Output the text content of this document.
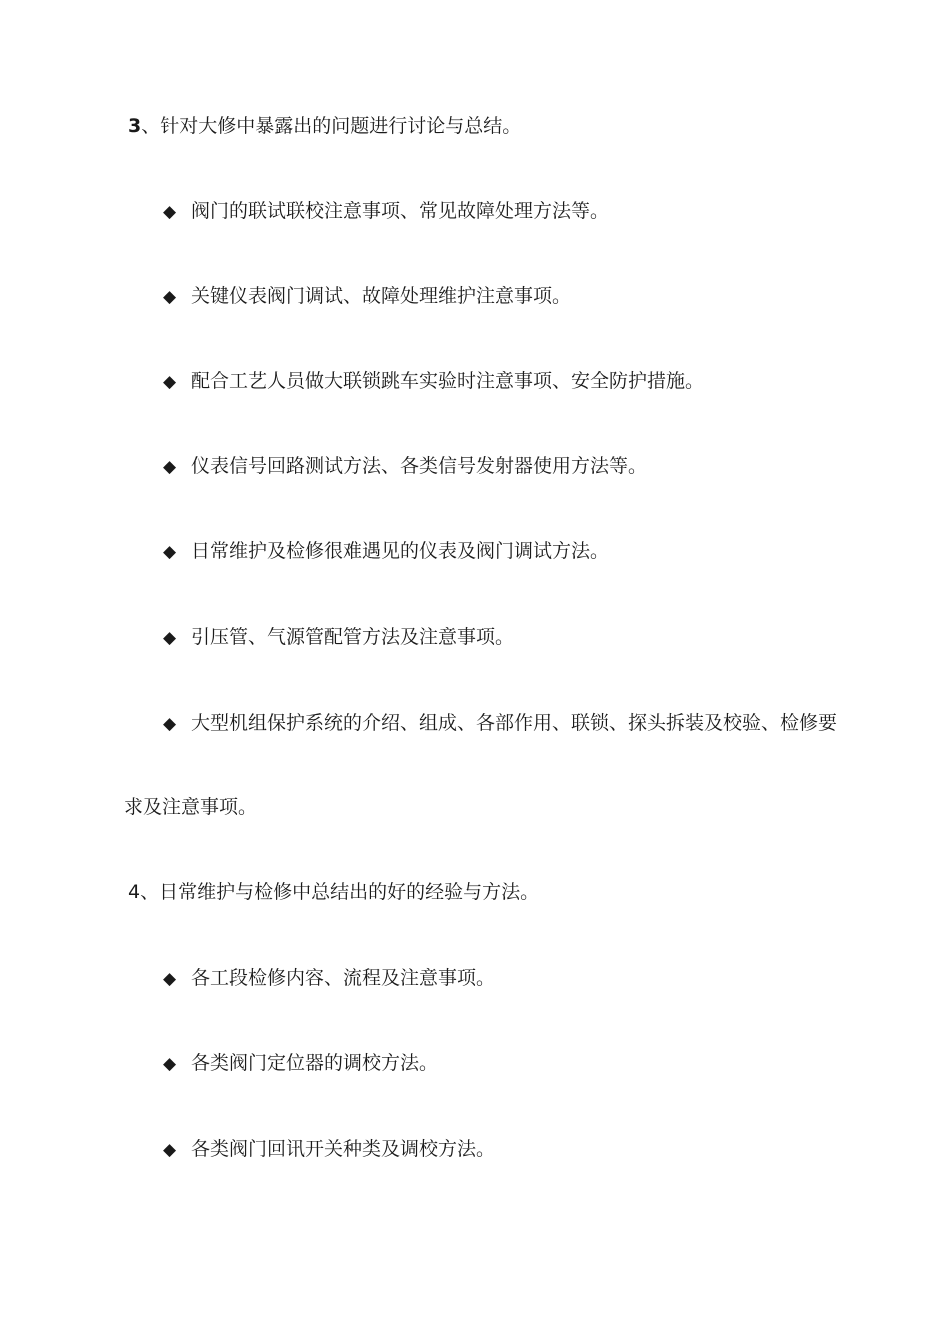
3、针对大修中暴露出的问题进行讨论与总结。
◆ 阀门的联试联校注意事项、常见故障处理方法等。
◆ 关键仪表阀门调试、故障处理维护注意事项。
◆ 配合工艺人员做大联锁跳车实验时注意事项、安全防护措施。
◆ 仪表信号回路测试方法、各类信号发射器使用方法等。
◆ 日常维护及检修很难遇见的仪表及阀门调试方法。
◆ 引压管、气源管配管方法及注意事项。
◆ 大型机组保护系统的介绍、组成、各部作用、联锁、探头拆装及校验、检修要
求及注意事项。
4、日常维护与检修中总结出的好的经验与方法。
◆ 各工段检修内容、流程及注意事项。
◆ 各类阀门定位器的调校方法。
◆ 各类阀门回讯开关种类及调校方法。
